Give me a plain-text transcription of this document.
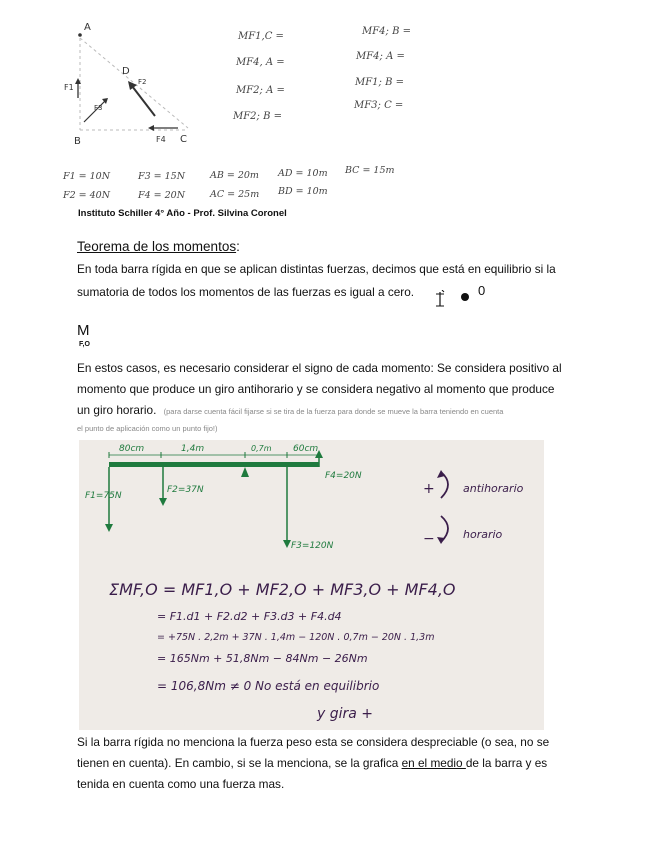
A
F1
B
F3
D
F2
F4 C
MF1,C =
MF4, A =
MF2; A =
MF2; B =
MF4; B =
MF4; A =
MF1; B =
MF3; C =
F1 = 10N	F3 = 15N	AB = 20m AD = 10m BC = 15m
F2 = 40N	F4 = 20N	AC = 25m BD = 10m
Instituto Schiller 4° Año - Prof. Silvina Coronel
Teorema de los momentos:
En toda barra rígida en que se aplican distintas fuerzas, decimos que está en equilibrio si la
sumatoria de todos los momentos de las fuerzas es igual a cero.	0
M
F,O
En estos casos, es necesario considerar el signo de cada momento: Se considera positivo al
momento que produce un giro antihorario y se considera negativo al momento que produce
un giro horario. (para darse cuenta fácil fijarse si se tira de la fuerza para donde se mueve la barra teniendo en cuenta
el punto de aplicación como un punto fijo!)
80cm	1,4m	0,7m 60cm
F1=75N
F2=37N
F3=120N
F4=20N
+	antihorario
−	horario
ΣMF,O = MF1,O + MF2,O + MF3,O + MF4,O
= F1.d1 + F2.d2 + F3.d3 + F4.d4
= +75N . 2,2m + 37N . 1,4m − 120N . 0,7m − 20N . 1,3m
= 165Nm + 51,8Nm − 84Nm − 26Nm
= 106,8Nm ≠ 0 No está en equilibrio
y gira +
Si la barra rígida no menciona la fuerza peso esta se considera despreciable (o sea, no se
tienen en cuenta). En cambio, si se la menciona, se la grafica en el medio de la barra y es
tenida en cuenta como una fuerza mas.
